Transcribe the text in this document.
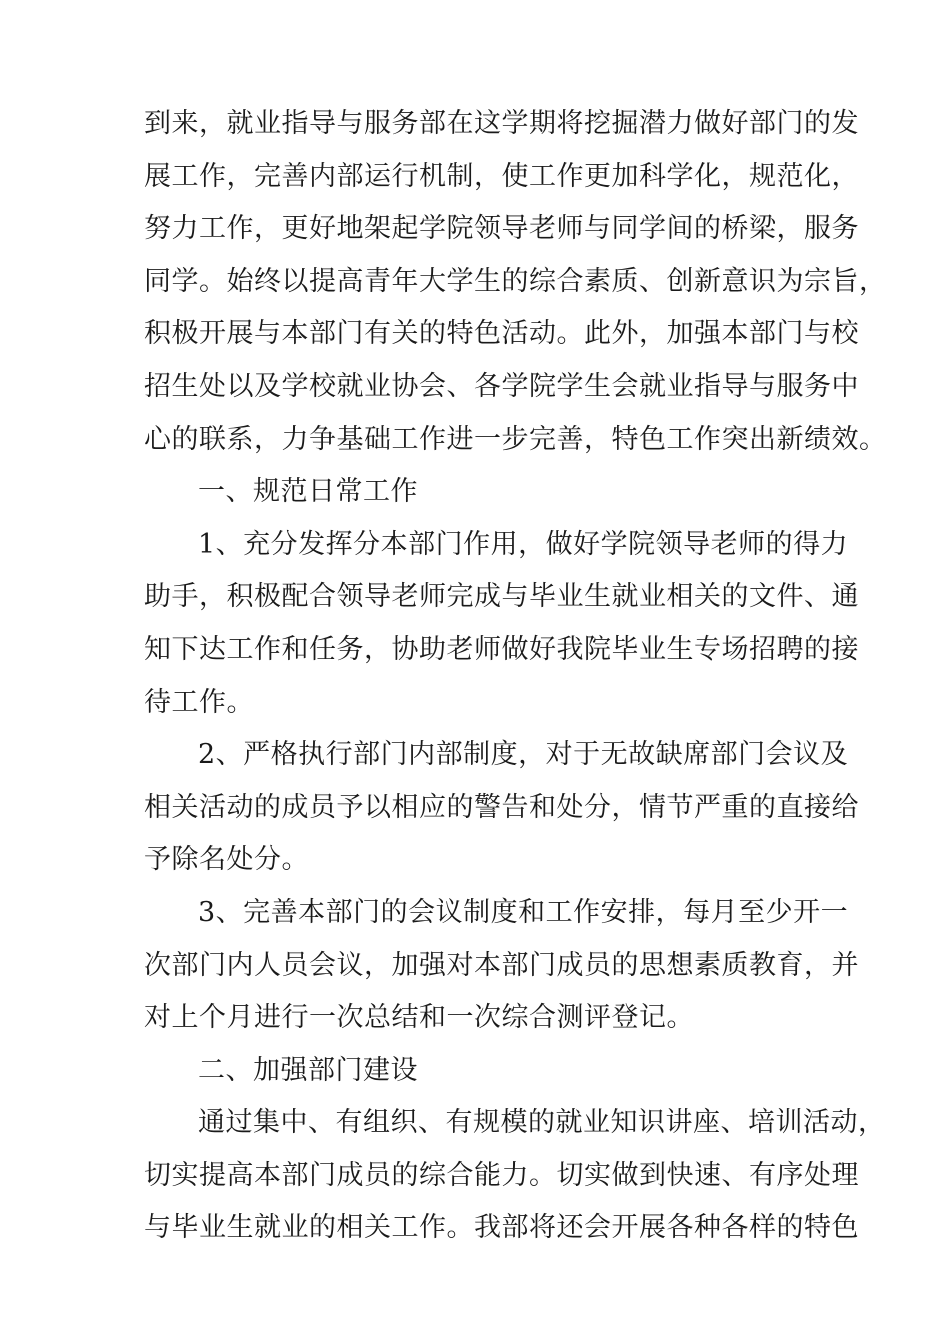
到来，就业指导与服务部在这学期将挖掘潜力做好部门的发
展工作，完善内部运行机制，使工作更加科学化，规范化，
努力工作，更好地架起学院领导老师与同学间的桥梁，服务
同学。始终以提高青年大学生的综合素质、创新意识为宗旨，
积极开展与本部门有关的特色活动。此外，加强本部门与校
招生处以及学校就业协会、各学院学生会就业指导与服务中
心的联系，力争基础工作进一步完善，特色工作突出新绩效。
一、规范日常工作
1、充分发挥分本部门作用，做好学院领导老师的得力
助手，积极配合领导老师完成与毕业生就业相关的文件、通
知下达工作和任务，协助老师做好我院毕业生专场招聘的接
待工作。
2、严格执行部门内部制度，对于无故缺席部门会议及
相关活动的成员予以相应的警告和处分，情节严重的直接给
予除名处分。
3、完善本部门的会议制度和工作安排，每月至少开一
次部门内人员会议，加强对本部门成员的思想素质教育，并
对上个月进行一次总结和一次综合测评登记。
二、加强部门建设
通过集中、有组织、有规模的就业知识讲座、培训活动，
切实提高本部门成员的综合能力。切实做到快速、有序处理
与毕业生就业的相关工作。我部将还会开展各种各样的特色
